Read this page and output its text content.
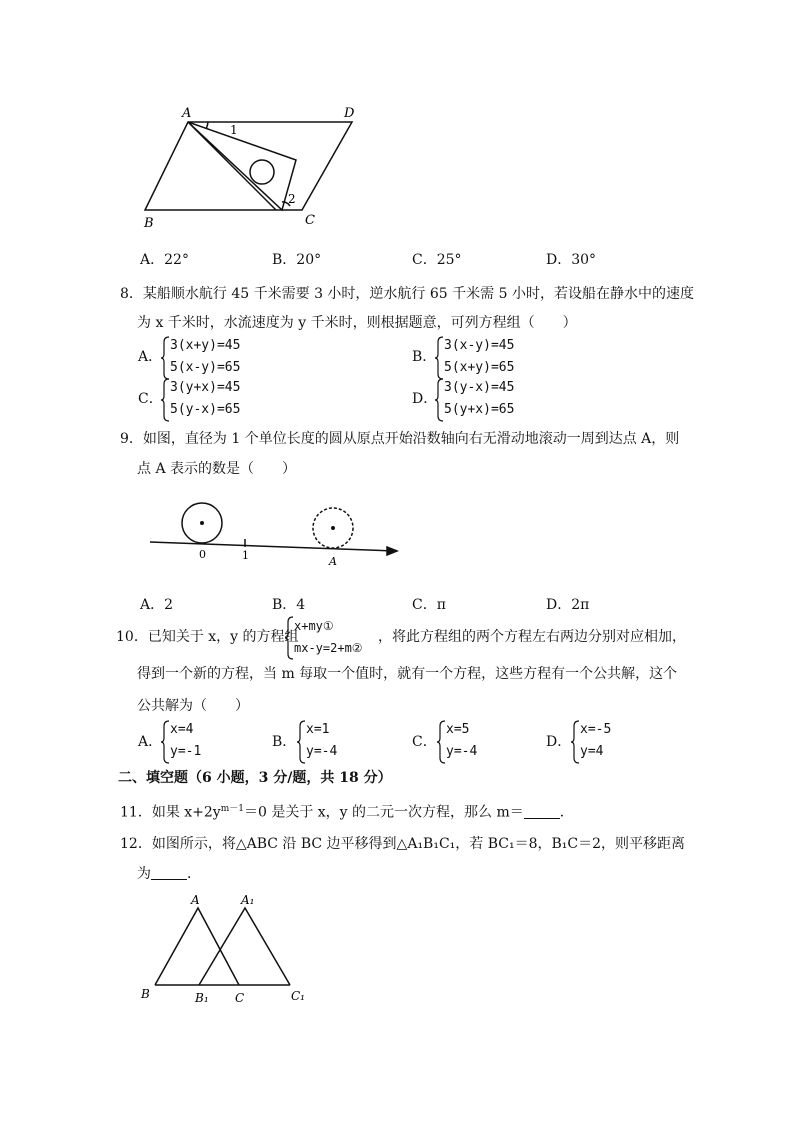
A	D
B	C
1
2
A．22°	B．20°	C．25°	D．30°
8．某船顺水航行 45 千米需要 3 小时，逆水航行 65 千米需 5 小时，若设船在静水中的速度
为 x 千米时，水流速度为 y 千米时，则根据题意，可列方程组（　　）
A．
3(x+y)=45
5(x-y)=65
B．
3(x-y)=45
5(x+y)=65
C．
3(y+x)=45
5(y-x)=65
D．
3(y-x)=45
5(y+x)=65
9．如图，直径为 1 个单位长度的圆从原点开始沿数轴向右无滑动地滚动一周到达点 A，则
点 A 表示的数是（　　）
0	1	A
A．2	B．4	C．π	D．2π
10．已知关于 x，y 的方程组
x+my①
mx-y=2+m②
，将此方程组的两个方程左右两边分别对应相加，
得到一个新的方程，当 m 每取一个值时，就有一个方程，这些方程有一个公共解，这个
公共解为（　　）
A．
x=4
y=-1
B．
x=1
y=-4
C．
x=5
y=-4
D．
x=-5
y=4
二、填空题（6 小题，3 分/题，共 18 分）
11．如果 $x+2y^{m-1}=0$ 是关于 x，y 的二元一次方程，那么 m＝	．
12．如图所示，将△ABC 沿 BC 边平移得到△A₁B₁C₁，若 BC₁＝8，B₁C＝2，则平移距离
为	．
A	A₁
B	B₁ C	C₁
